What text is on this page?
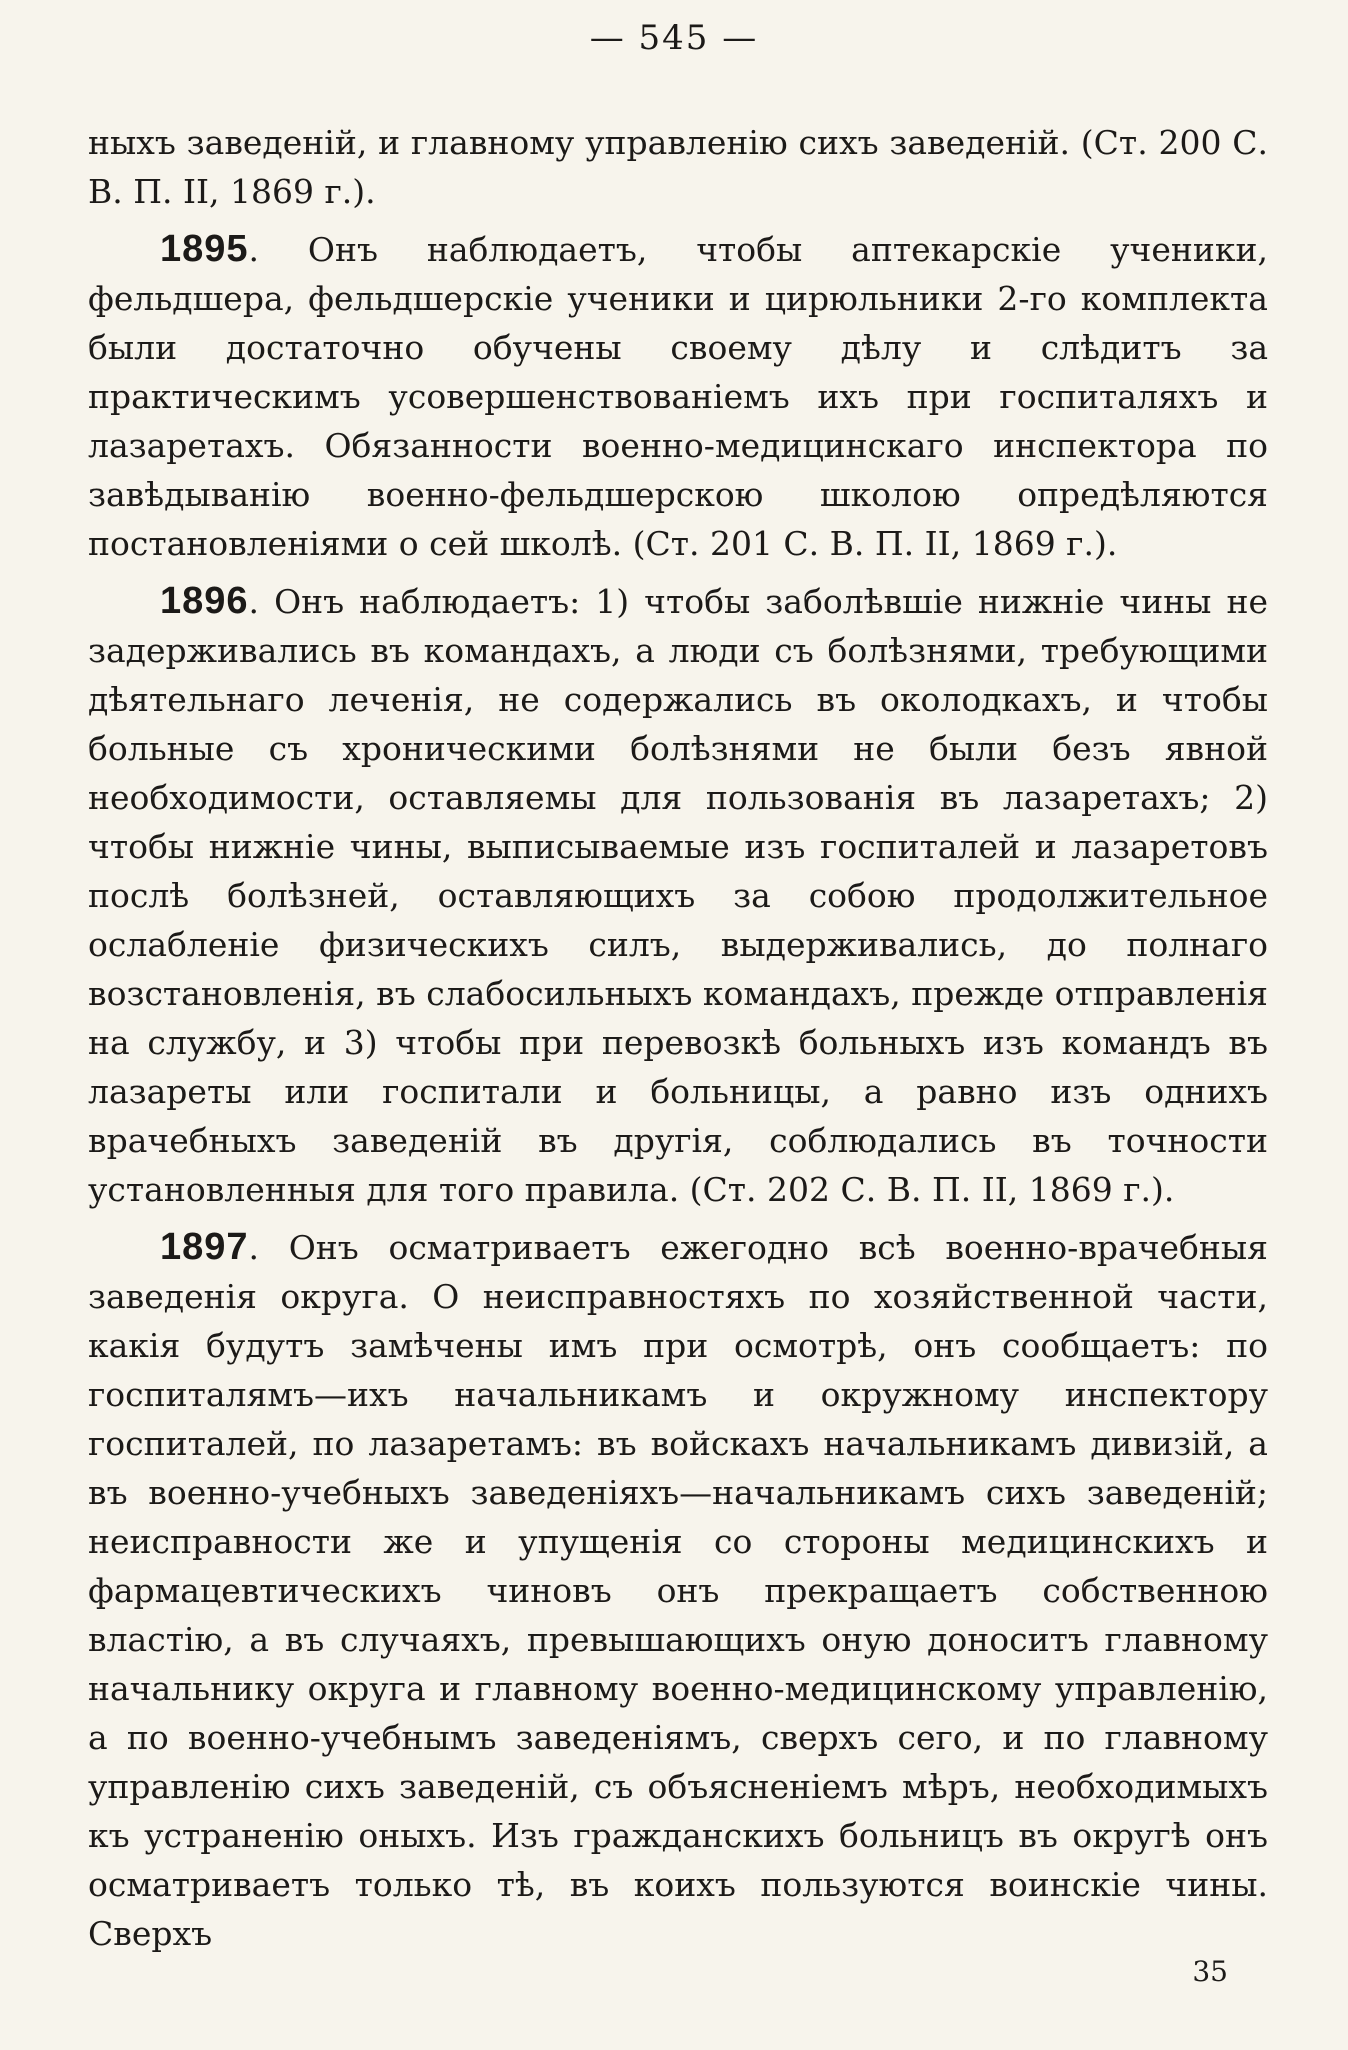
— 545 —

ныхъ заведеній, и главному управленію сихъ заведеній. (Ст. 200 С. В. П. II, 1869 г.).

1895. Онъ наблюдаетъ, чтобы аптекарскіе ученики, фельдшера, фельдшерскіе ученики и цирюльники 2-го комплекта были достаточно обучены своему дѣлу и слѣдитъ за практическимъ усовершенствованіемъ ихъ при госпиталяхъ и лазаретахъ. Обязанности военно-медицинскаго инспектора по завѣдыванію военно-фельдшерскою школою опредѣляются постановленіями о сей школѣ. (Ст. 201 С. В. П. II, 1869 г.).

1896. Онъ наблюдаетъ: 1) чтобы заболѣвшіе нижніе чины не задерживались въ командахъ, а люди съ болѣзнями, требующими дѣятельнаго леченія, не содержались въ околодкахъ, и чтобы больные съ хроническими болѣзнями не были безъ явной необходимости, оставляемы для пользованія въ лазаретахъ; 2) чтобы нижніе чины, выписываемые изъ госпиталей и лазаретовъ послѣ болѣзней, оставляющихъ за собою продолжительное ослабленіе физическихъ силъ, выдерживались, до полнаго возстановленія, въ слабосильныхъ командахъ, прежде отправленія на службу, и 3) чтобы при перевозкѣ больныхъ изъ командъ въ лазареты или госпитали и больницы, а равно изъ однихъ врачебныхъ заведеній въ другія, соблюдались въ точности установленныя для того правила. (Ст. 202 С. В. П. II, 1869 г.).

1897. Онъ осматриваетъ ежегодно всѣ военно-врачебныя заведенія округа. О неисправностяхъ по хозяйственной части, какія будутъ замѣчены имъ при осмотрѣ, онъ сообщаетъ: по госпиталямъ—ихъ начальникамъ и окружному инспектору госпиталей, по лазаретамъ: въ войскахъ начальникамъ дивизій, а въ военно-учебныхъ заведеніяхъ—начальникамъ сихъ заведеній; неисправности же и упущенія со стороны медицинскихъ и фармацевтическихъ чиновъ онъ прекращаетъ собственною властію, а въ случаяхъ, превышающихъ оную доноситъ главному начальнику округа и главному военно-медицинскому управленію, а по военно-учебнымъ заведеніямъ, сверхъ сего, и по главному управленію сихъ заведеній, съ объясненіемъ мѣръ, необходимыхъ къ устраненію оныхъ. Изъ гражданскихъ больницъ въ округѣ онъ осматриваетъ только тѣ, въ коихъ пользуются воинскіе чины. Сверхъ

35
